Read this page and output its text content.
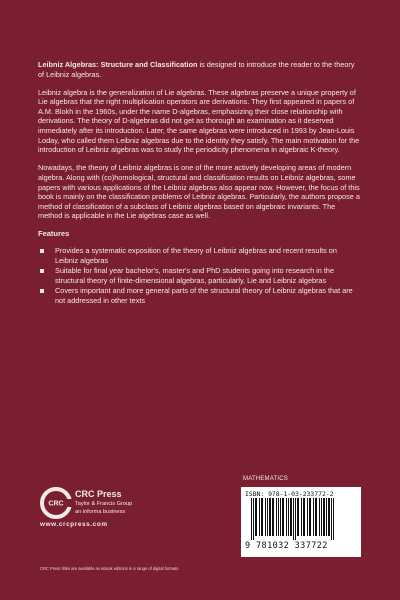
Leibniz Algebras: Structure and Classification is designed to introduce the reader to the theory of Leibniz algebras.

Leibniz algebra is the generalization of Lie algebras. These algebras preserve a unique property of Lie algebras that the right multiplication operators are derivations. They first appeared in papers of A.M. Blokh in the 1960s, under the name D-algebras, emphasizing their close relationship with derivations. The theory of D-algebras did not get as thorough an examination as it deserved immediately after its introduction. Later, the same algebras were introduced in 1993 by Jean-Louis Loday, who called them Leibniz algebras due to the identity they satisfy. The main motivation for the introduction of Leibniz algebras was to study the periodicity phenomena in algebraic K-theory.

Nowadays, the theory of Leibniz algebras is one of the more actively developing areas of modern algebra. Along with (co)homological, structural and classification results on Leibniz algebras, some papers with various applications of the Leibniz algebras also appear now. However, the focus of this book is mainly on the classification problems of Leibniz algebras. Particularly, the authors propose a method of classification of a subclass of Leibniz algebras based on algebraic invariants. The method is applicable in the Lie algebras case as well.

Features
Provides a systematic exposition of the theory of Leibniz algebras and recent results on Leibniz algebras
Suitable for final year bachelor's, master's and PhD students going into research in the structural theory of finite-dimensional algebras, particularly, Lie and Leibniz algebras
Covers important and more general parts of the structural theory of Leibniz algebras that are not addressed in other texts
MATHEMATICS
ISBN: 978-1-03-233772-2
9 781032 337722
CRC
CRC Press
Taylor & Francis Group
an informa business
www.crcpress.com
CRC Press titles are available as eBook editions in a range of digital formats
